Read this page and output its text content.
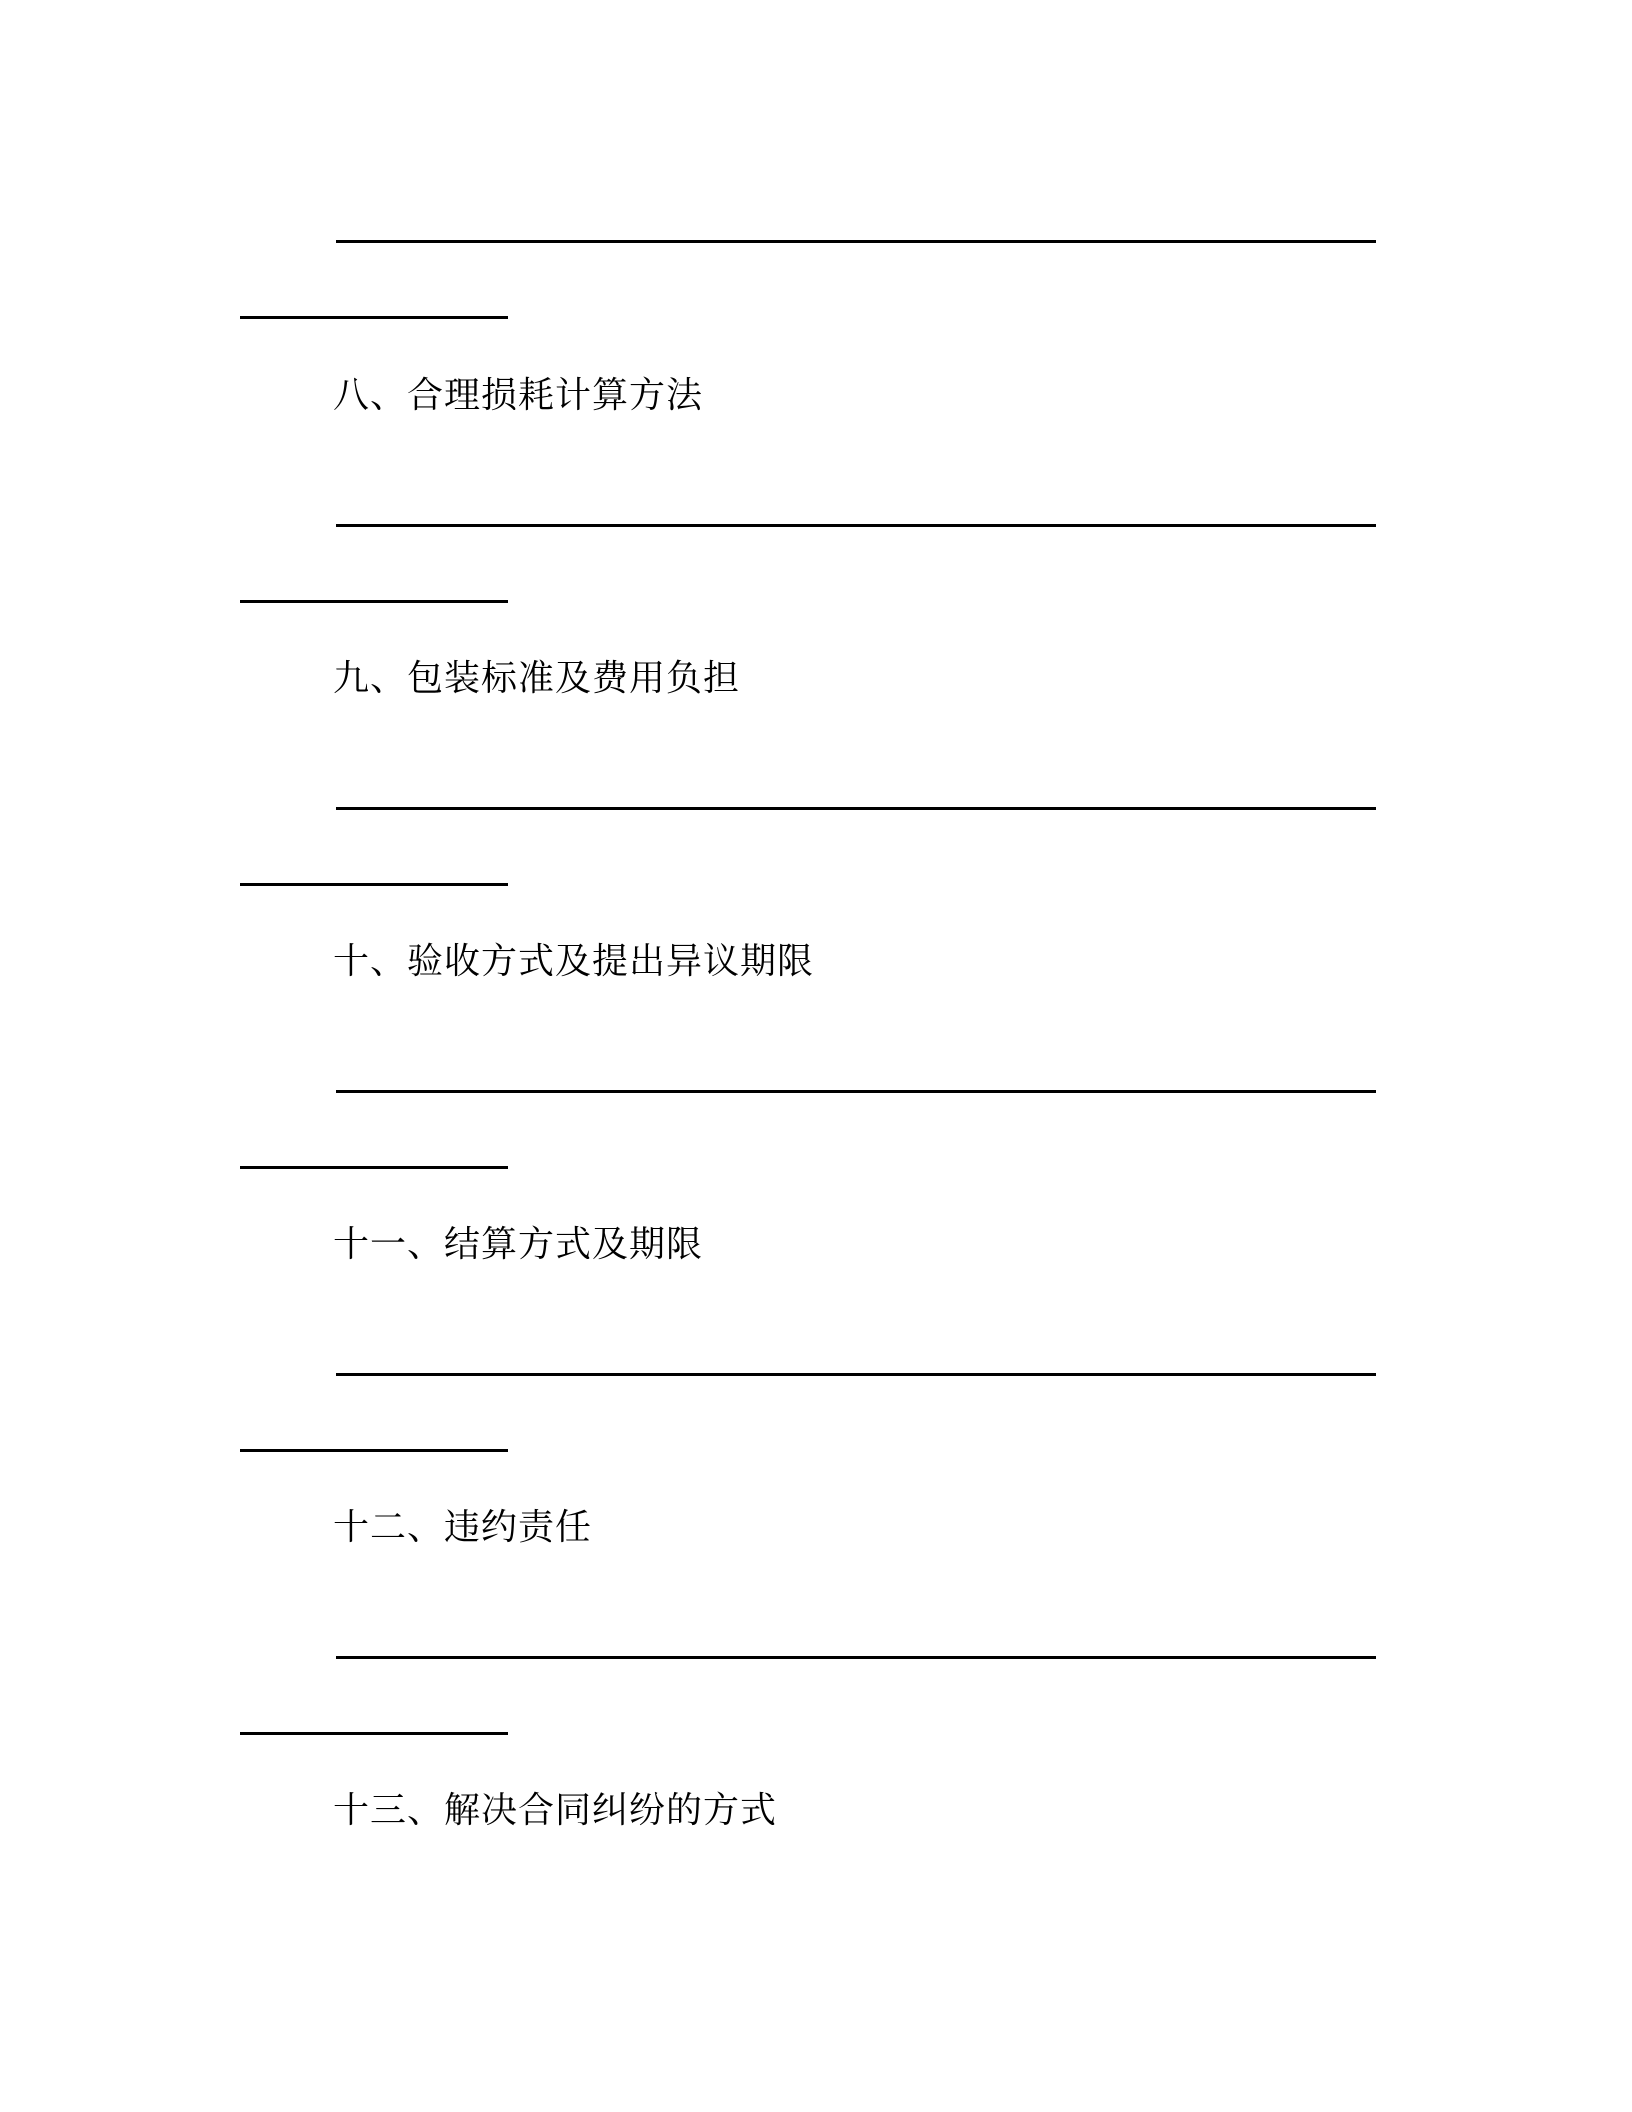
八、合理损耗计算方法
九、包装标准及费用负担
十、验收方式及提出异议期限
十一、结算方式及期限
十二、违约责任
十三、解决合同纠纷的方式
